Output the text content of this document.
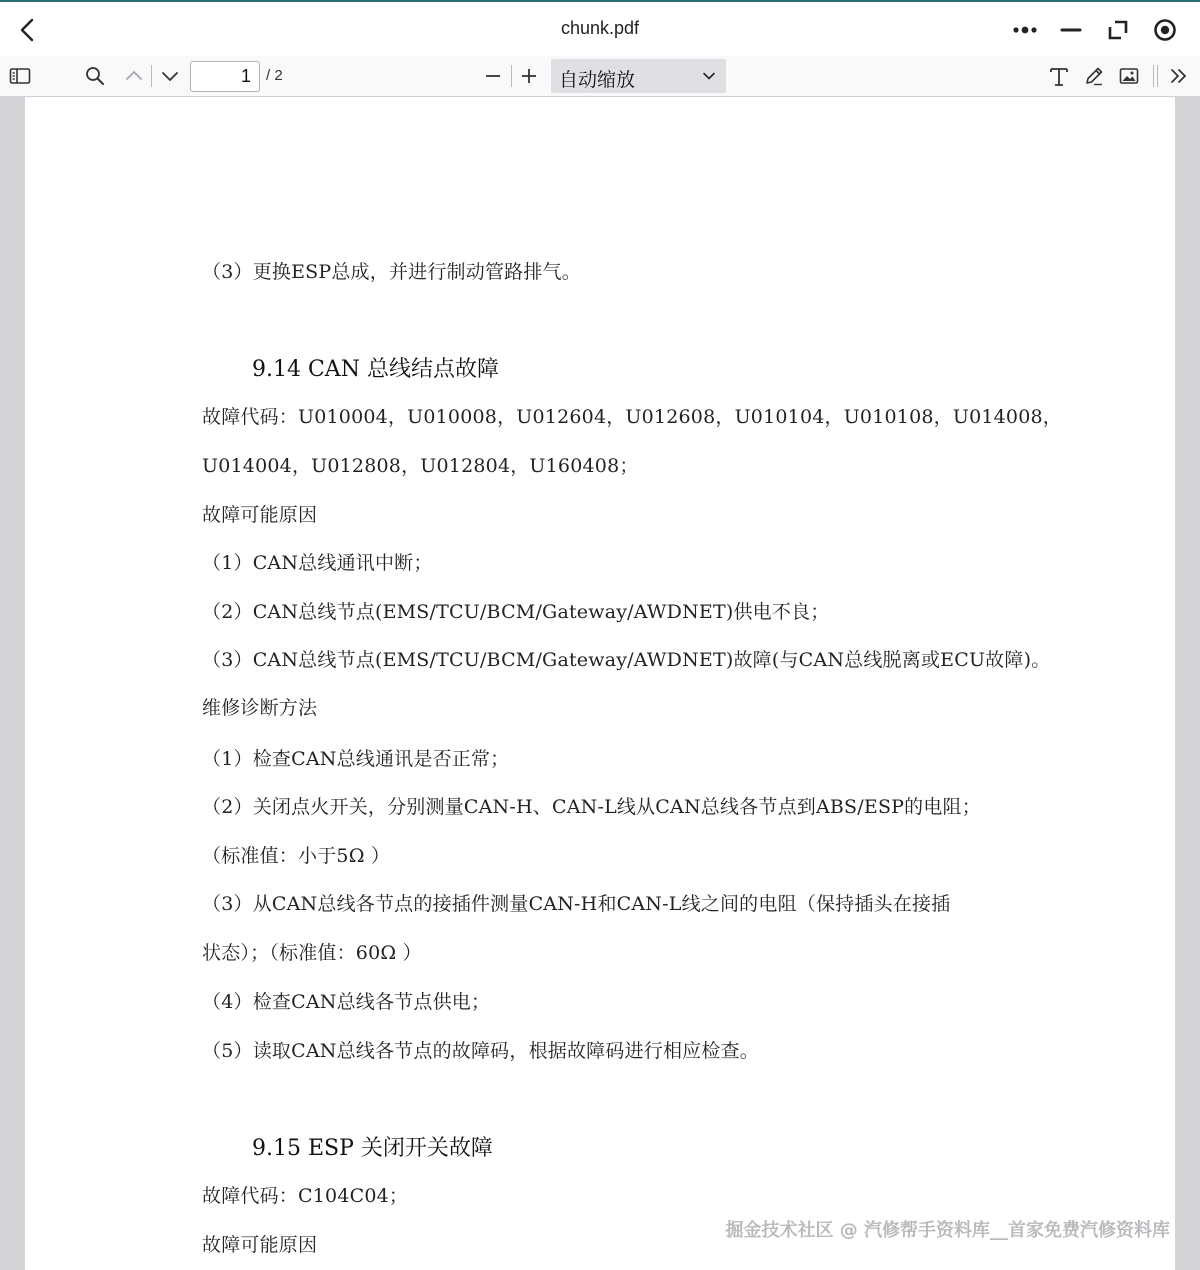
chunk.pdf
1
/ 2	自动缩放
（3）更换ESP总成，并进行制动管路排气。
9.14 CAN 总线结点故障
故障代码：U010004，U010008，U012604，U012608，U010104，U010108，U014008，
U014004，U012808，U012804，U160408；
故障可能原因
（1）CAN总线通讯中断；
（2）CAN总线节点(EMS/TCU/BCM/Gateway/AWDNET)供电不良；
（3）CAN总线节点(EMS/TCU/BCM/Gateway/AWDNET)故障(与CAN总线脱离或ECU故障)。
维修诊断方法
（1）检查CAN总线通讯是否正常；
（2）关闭点火开关，分别测量CAN-H、CAN-L线从CAN总线各节点到ABS/ESP的电阻；
（标准值：小于5Ω ）
（3）从CAN总线各节点的接插件测量CAN-H和CAN-L线之间的电阻（保持插头在接插
状态）；（标准值：60Ω ）
（4）检查CAN总线各节点供电；
（5）读取CAN总线各节点的故障码，根据故障码进行相应检查。
9.15 ESP 关闭开关故障
故障代码：C104C04；
故障可能原因
掘金技术社区 @ 汽修帮手资料库__首家免费汽修资料库
